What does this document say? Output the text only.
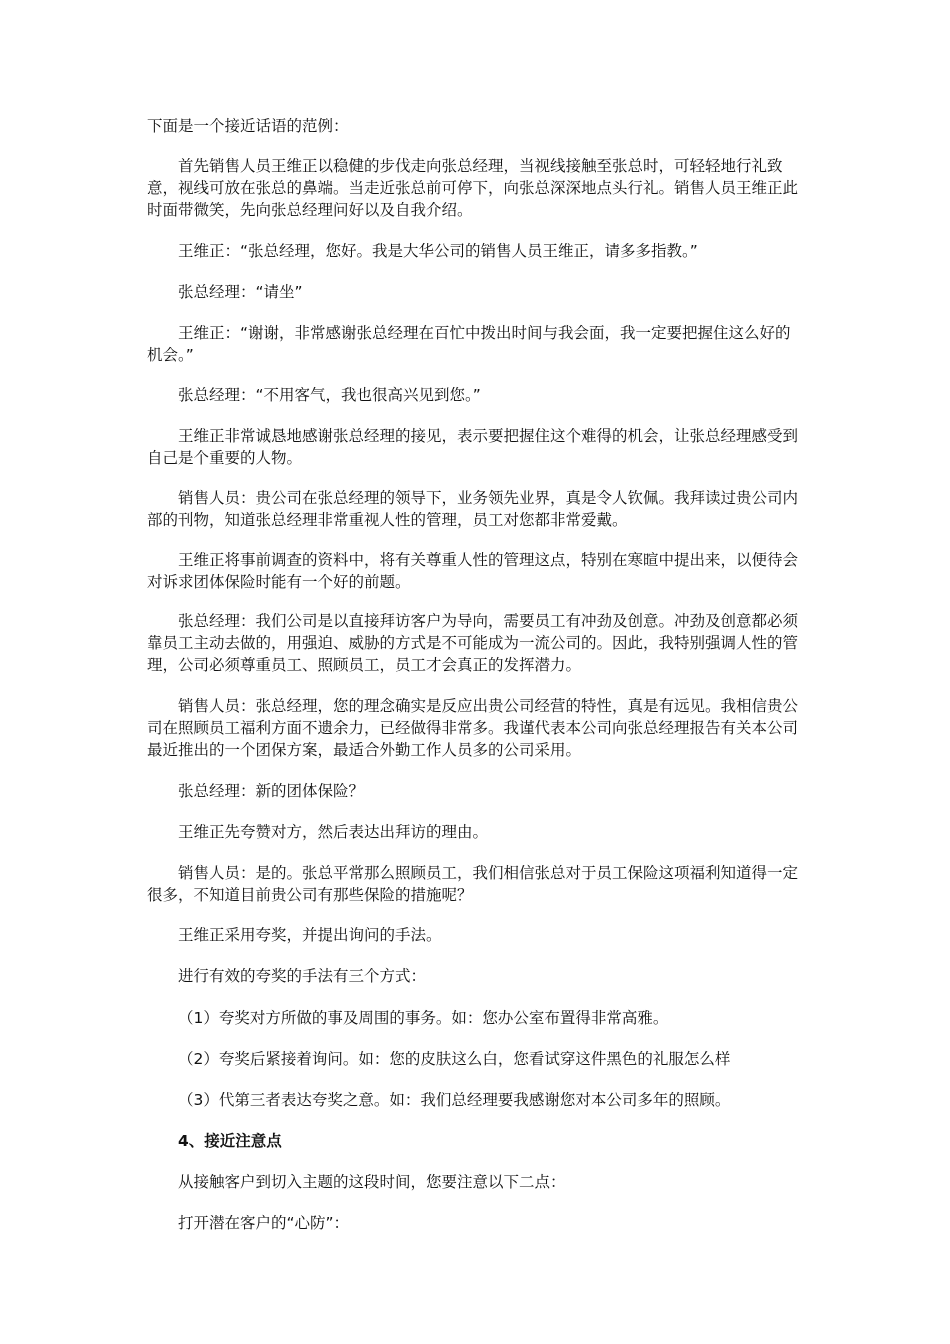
下面是一个接近话语的范例：

首先销售人员王维正以稳健的步伐走向张总经理，当视线接触至张总时，可轻轻地行礼致意，视线可放在张总的鼻端。当走近张总前可停下，向张总深深地点头行礼。销售人员王维正此时面带微笑，先向张总经理问好以及自我介绍。

王维正：“张总经理，您好。我是大华公司的销售人员王维正，请多多指教。”

张总经理：“请坐”

王维正：“谢谢，非常感谢张总经理在百忙中拨出时间与我会面，我一定要把握住这么好的机会。”

张总经理：“不用客气，我也很高兴见到您。”

王维正非常诚恳地感谢张总经理的接见，表示要把握住这个难得的机会，让张总经理感受到自己是个重要的人物。

销售人员：贵公司在张总经理的领导下，业务领先业界，真是令人钦佩。我拜读过贵公司内部的刊物，知道张总经理非常重视人性的管理，员工对您都非常爱戴。

王维正将事前调查的资料中，将有关尊重人性的管理这点，特别在寒暄中提出来，以便待会对诉求团体保险时能有一个好的前题。

张总经理：我们公司是以直接拜访客户为导向，需要员工有冲劲及创意。冲劲及创意都必须靠员工主动去做的，用强迫、威胁的方式是不可能成为一流公司的。因此，我特别强调人性的管理，公司必须尊重员工、照顾员工，员工才会真正的发挥潜力。

销售人员：张总经理，您的理念确实是反应出贵公司经营的特性，真是有远见。我相信贵公司在照顾员工福利方面不遗余力，已经做得非常多。我谨代表本公司向张总经理报告有关本公司最近推出的一个团保方案，最适合外勤工作人员多的公司采用。

张总经理：新的团体保险？

王维正先夸赞对方，然后表达出拜访的理由。

销售人员：是的。张总平常那么照顾员工，我们相信张总对于员工保险这项福利知道得一定很多，不知道目前贵公司有那些保险的措施呢？

王维正采用夸奖，并提出询问的手法。

进行有效的夸奖的手法有三个方式：

（1）夸奖对方所做的事及周围的事务。如：您办公室布置得非常高雅。

（2）夸奖后紧接着询问。如：您的皮肤这么白，您看试穿这件黑色的礼服怎么样

（3）代第三者表达夸奖之意。如：我们总经理要我感谢您对本公司多年的照顾。

4、接近注意点

从接触客户到切入主题的这段时间，您要注意以下二点：

打开潜在客户的“心防”：
